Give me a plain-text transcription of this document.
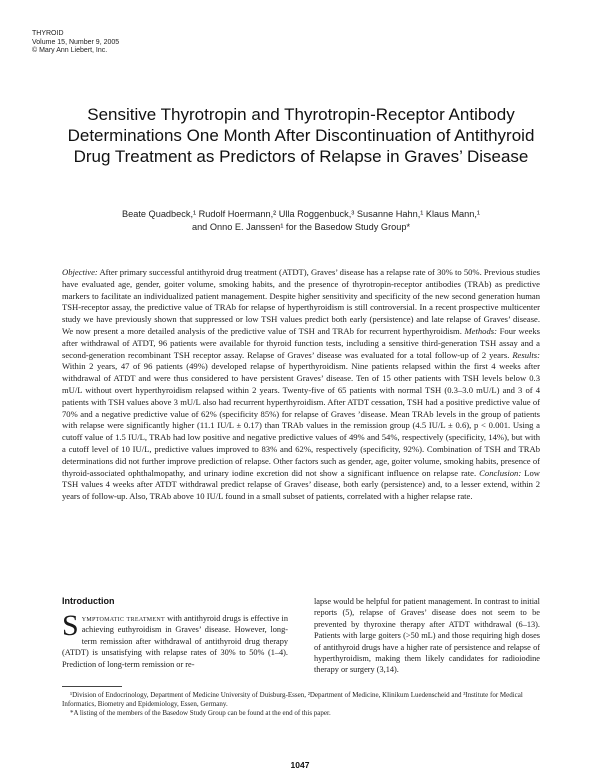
THYROID
Volume 15, Number 9, 2005
© Mary Ann Liebert, Inc.
Sensitive Thyrotropin and Thyrotropin-Receptor Antibody Determinations One Month After Discontinuation of Antithyroid Drug Treatment as Predictors of Relapse in Graves’ Disease
Beate Quadbeck,¹ Rudolf Hoermann,² Ulla Roggenbuck,³ Susanne Hahn,¹ Klaus Mann,¹
and Onno E. Janssen¹ for the Basedow Study Group*
Objective: After primary successful antithyroid drug treatment (ATDT), Graves’ disease has a relapse rate of 30% to 50%. Previous studies have evaluated age, gender, goiter volume, smoking habits, and the presence of thyrotropin-receptor antibodies (TRAb) as predictive markers to facilitate an individualized patient management. Despite higher sensitivity and specificity of the new second generation human TSH-receptor assay, the predictive value of TRAb for relapse of hyperthyroidism is still controversial. In a recent prospective multicenter study we have previously shown that suppressed or low TSH values predict both early (persistence) and late relapse of Graves’ disease. We now present a more detailed analysis of the predictive value of TSH and TRAb for recurrent hyperthyroidism. Methods: Four weeks after withdrawal of ATDT, 96 patients were available for thyroid function tests, including a sensitive third-generation TSH assay and a second-generation recombinant TSH receptor assay. Relapse of Graves’ disease was evaluated for a total follow-up of 2 years. Results: Within 2 years, 47 of 96 patients (49%) developed relapse of hyperthyroidism. Nine patients relapsed within the first 4 weeks after withdrawal of ATDT and were thus considered to have persistent Graves’ disease. Ten of 15 other patients with TSH levels below 0.3 mU/L without overt hyperthyroidism relapsed within 2 years. Twenty-five of 65 patients with normal TSH (0.3–3.0 mU/L) and 3 of 4 patients with TSH values above 3 mU/L also had recurrent hyperthyroidism. After ATDT cessation, TSH had a positive predictive value of 70% and a negative predictive value of 62% (specificity 85%) for relapse of Graves ’disease. Mean TRAb levels in the group of patients with relapse were significantly higher (11.1 IU/L ± 0.17) than TRAb values in the remission group (4.5 IU/L ± 0.6), p < 0.001. Using a cutoff value of 1.5 IU/L, TRAb had low positive and negative predictive values of 49% and 54%, respectively (specificity, 14%), but with a cutoff level of 10 IU/L, predictive values improved to 83% and 62%, respectively (specificity, 92%). Combination of TSH and TRAb determinations did not further improve prediction of relapse. Other factors such as gender, age, goiter volume, smoking habits, presence of thyroid-associated ophthalmopathy, and urinary iodine excretion did not show a significant influence on relapse rate. Conclusion: Low TSH values 4 weeks after ATDT withdrawal predict relapse of Graves’ disease, both early (persistence) and, to a lesser extend, within 2 years of follow-up. Also, TRAb above 10 IU/L found in a small subset of patients, correlated with a higher relapse rate.
Introduction
Symptomatic treatment with antithyroid drugs is effective in achieving euthyroidism in Graves’ disease. However, long-term remission after withdrawal of antithyroid drug therapy (ATDT) is unsatisfying with relapse rates of 30% to 50% (1–4). Prediction of long-term remission or re-
lapse would be helpful for patient management. In contrast to initial reports (5), relapse of Graves’ disease does not seem to be prevented by thyroxine therapy after ATDT withdrawal (6–13). Patients with large goiters (>50 mL) and those requiring high doses of antithyroid drugs have a higher rate of persistence and relapse of hyperthyroidism, making them likely candidates for radioiodine therapy or surgery (3,14).
¹Division of Endocrinology, Department of Medicine University of Duisburg-Essen, ²Department of Medicine, Klinikum Luedenscheid and ³Institute for Medical Informatics, Biometry and Epidemiology, Essen, Germany.
*A listing of the members of the Basedow Study Group can be found at the end of this paper.
1047
